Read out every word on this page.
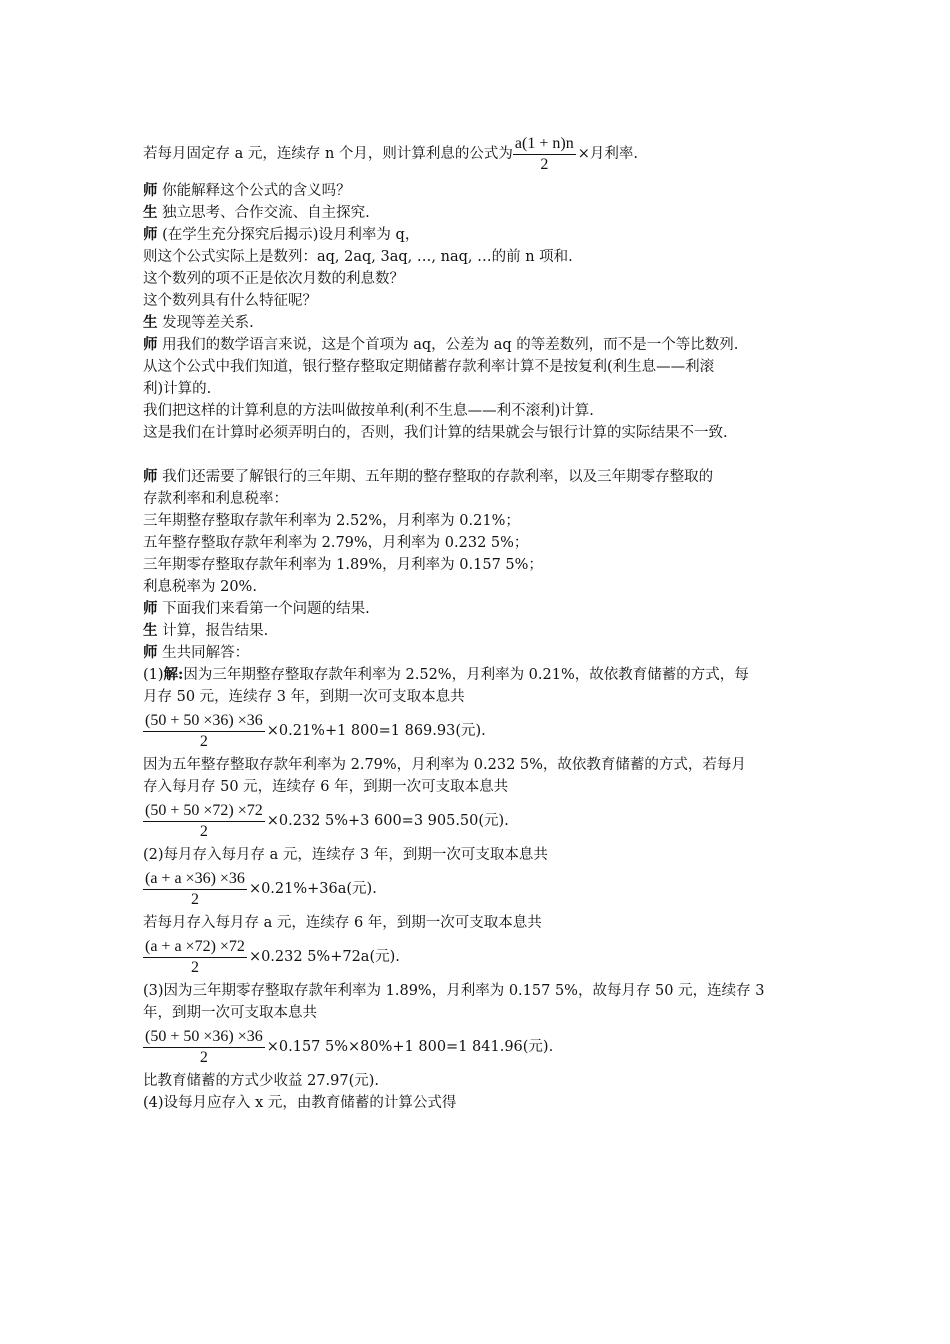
若每月固定存 a 元，连续存 n 个月，则计算利息的公式为 $\frac{a(1 + n)n}{2}$ ×月利率.
师 你能解释这个公式的含义吗？
生 独立思考、合作交流、自主探究.
师 (在学生充分探究后揭示)设月利率为 q，
则这个公式实际上是数列：aq, 2aq, 3aq, …, naq, …的前 n 项和.
这个数列的项不正是依次月数的利息数？
这个数列具有什么特征呢？
生 发现等差关系.
师 用我们的数学语言来说，这是个首项为 aq，公差为 aq 的等差数列，而不是一个等比数列.
从这个公式中我们知道，银行整存整取定期储蓄存款利率计算不是按复利(利生息——利滚
利)计算的.
我们把这样的计算利息的方法叫做按单利(利不生息——利不滚利)计算.
这是我们在计算时必须弄明白的，否则，我们计算的结果就会与银行计算的实际结果不一致.
师 我们还需要了解银行的三年期、五年期的整存整取的存款利率，以及三年期零存整取的
存款利率和利息税率：
三年期整存整取存款年利率为 2.52%，月利率为 0.21%；
五年整存整取存款年利率为 2.79%，月利率为 0.232 5%；
三年期零存整取存款年利率为 1.89%，月利率为 0.157 5%；
利息税率为 20%.
师 下面我们来看第一个问题的结果.
生 计算，报告结果.
师 生共同解答：
(1)解:因为三年期整存整取存款年利率为 2.52%，月利率为 0.21%，故依教育储蓄的方式，每
月存 50 元，连续存 3 年，到期一次可支取本息共
$\frac{(50 + 50 \times 36) \times 36}{2} \times 0.21\%+1$ 800=1 869.93(元).
因为五年整存整取存款年利率为 2.79%，月利率为 0.232 5%，故依教育储蓄的方式，若每月
存入每月存 50 元，连续存 6 年，到期一次可支取本息共
$\frac{(50 + 50 \times 72) \times 72}{2} \times 0.232$ 5%+3 600=3 905.50(元).
(2)每月存入每月存 a 元，连续存 3 年，到期一次可支取本息共
$\frac{(a + a \times 36) \times 36}{2} \times 0.21\%+36a$(元).
若每月存入每月存 a 元，连续存 6 年，到期一次可支取本息共
$\frac{(a + a \times 72) \times 72}{2} \times 0.232$ 5%+72a(元).
(3)因为三年期零存整取存款年利率为 1.89%，月利率为 0.157 5%，故每月存 50 元，连续存 3
年，到期一次可支取本息共
$\frac{(50 + 50 \times 36) \times 36}{2} \times 0.157$ 5%×80%+1 800=1 841.96(元).
比教育储蓄的方式少收益 27.97(元).
(4)设每月应存入 x 元，由教育储蓄的计算公式得
